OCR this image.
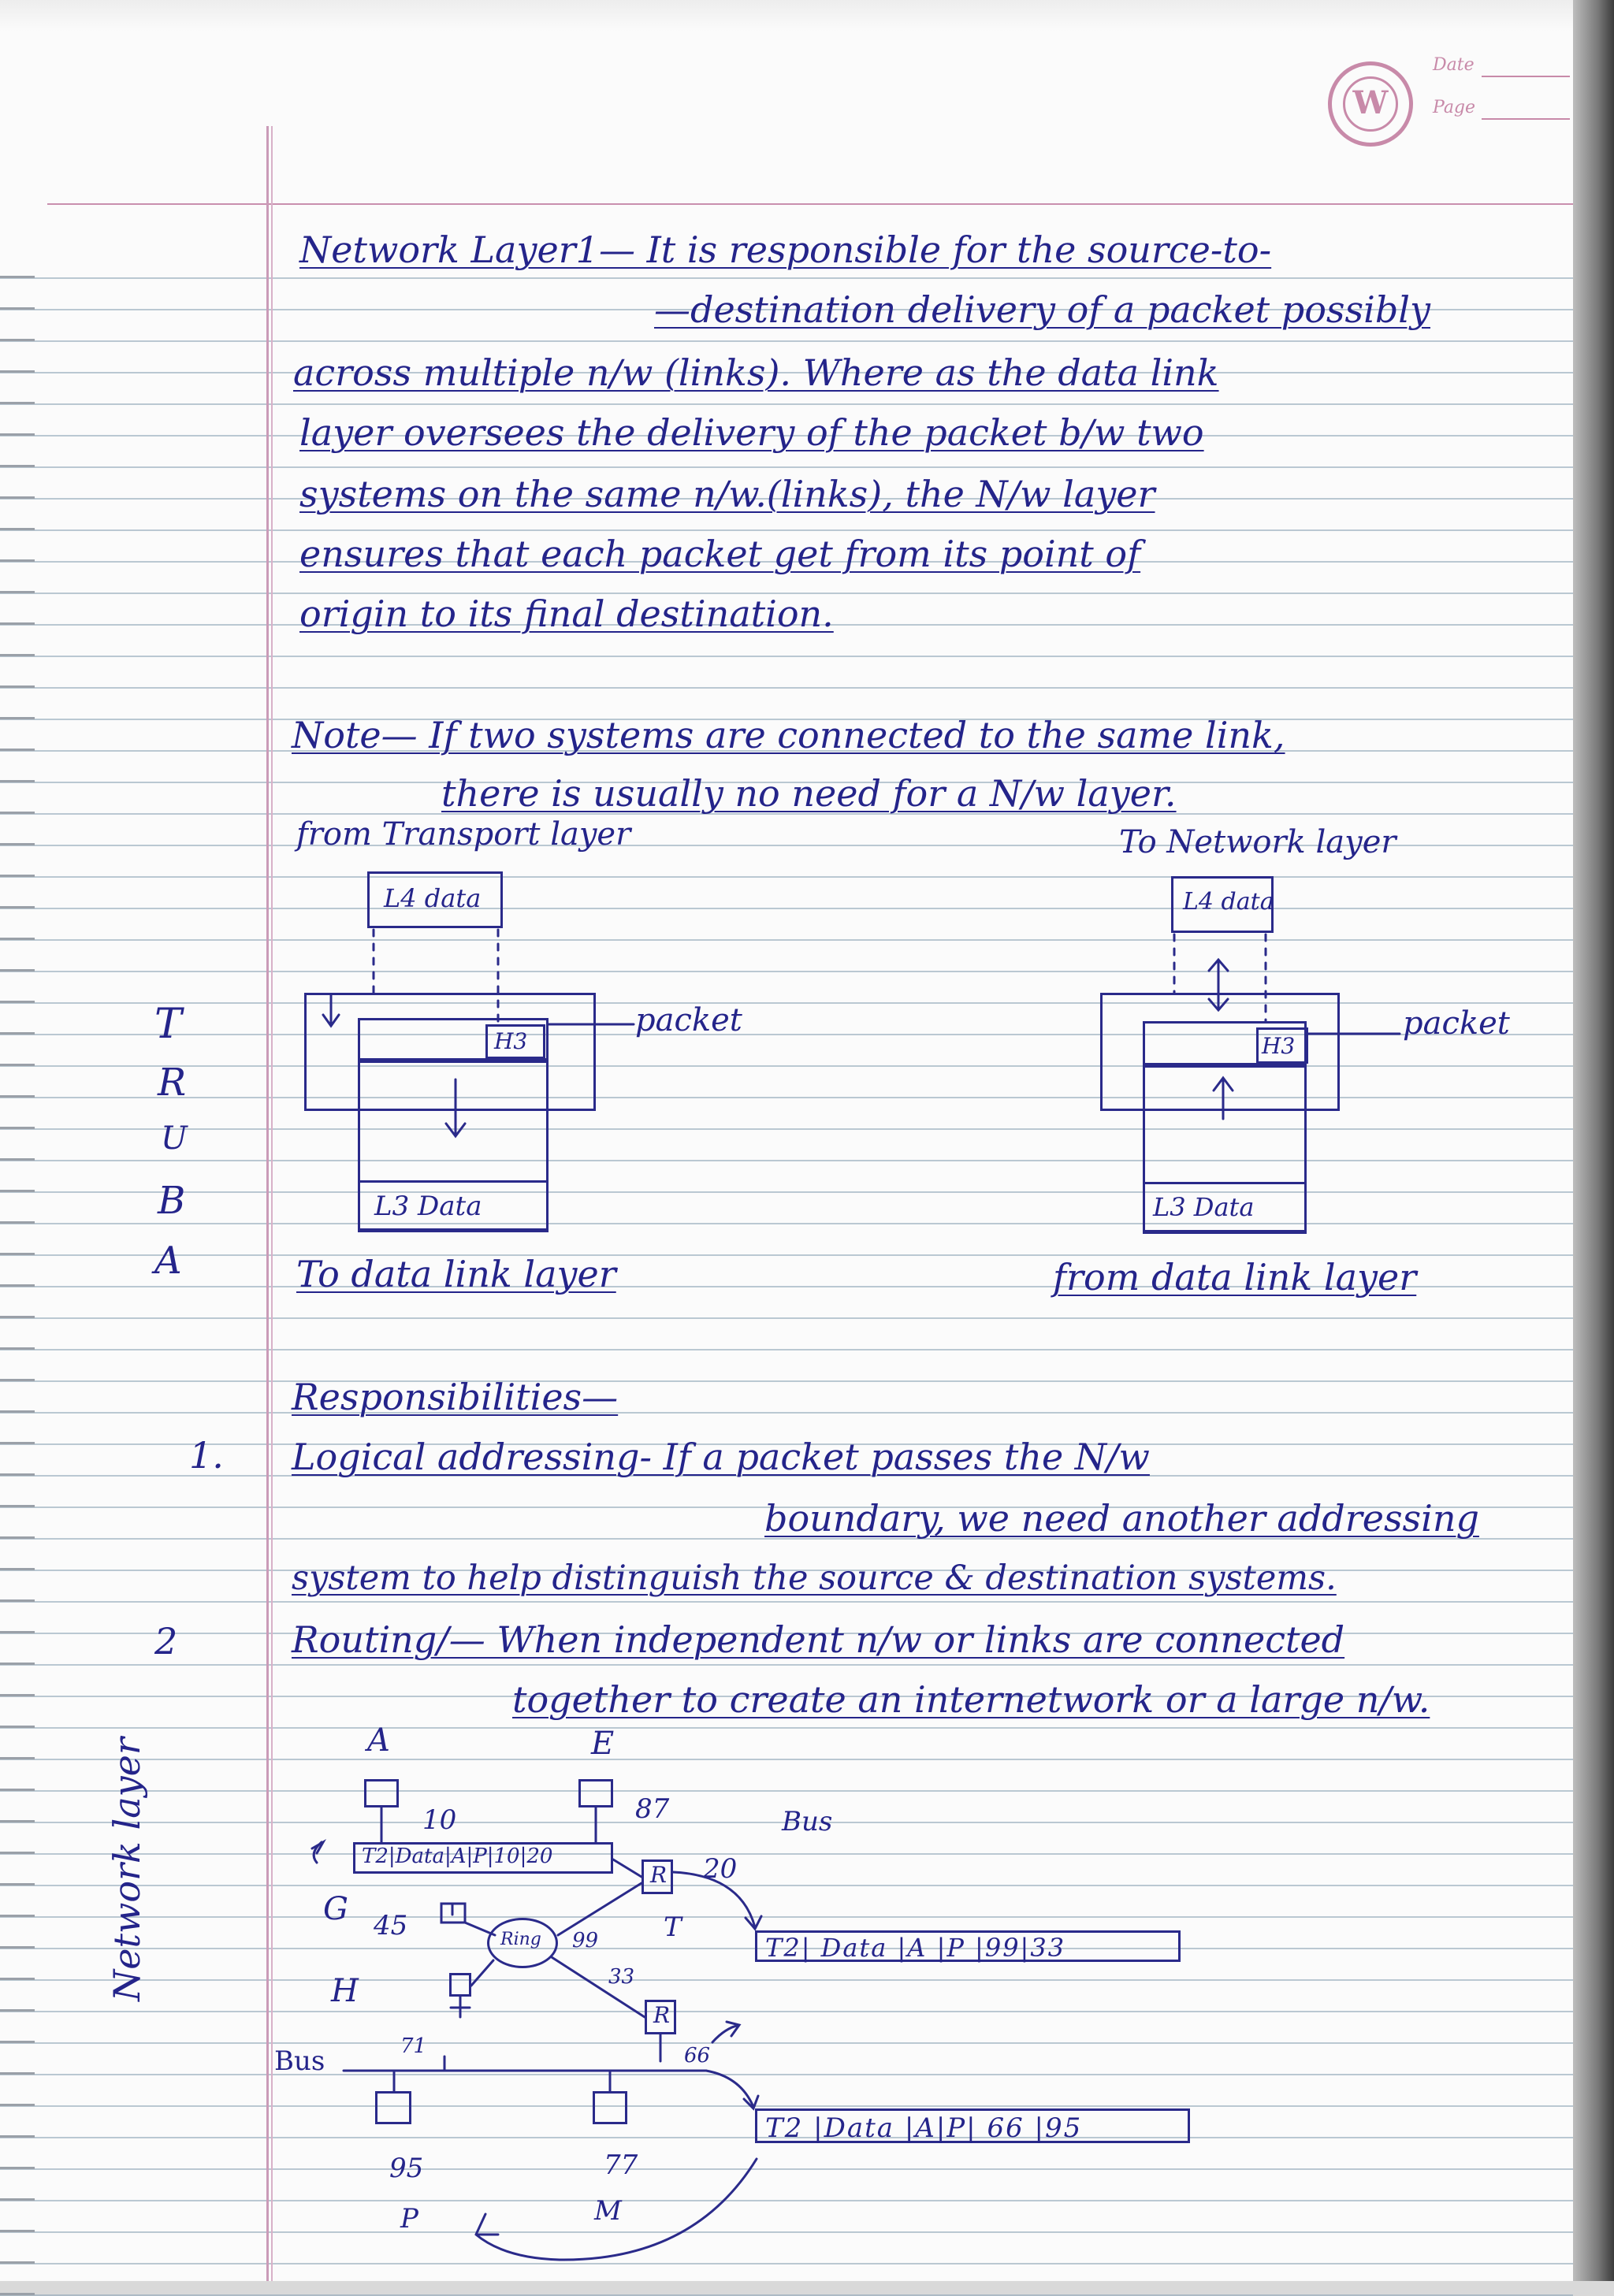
W
Date
Page
Network Layer1— It is responsible for the source-to-
—destination delivery of a packet possibly
across multiple n/w (links). Where as the data link
layer oversees the delivery of the packet b/w two
systems on the same n/w.(links), the N/w layer
ensures that each packet get from its point of
origin to its final destination.
Note— If two systems are connected to the same link,
there is usually no need for a N/w layer.
from Transport layer	To Network layer
L4 data
H3
packet
L3 Data
L4 data
H3
packet
L3 Data
T
R
U
B
A	To data link layer	from data link layer
Responsibilities—
1. Logical addressing- If a packet passes the N/w
boundary, we need another addressing
system to help distinguish the source & destination systems.
2	Routing/— When independent n/w or links are connected
together to create an internetwork or a large n/w.
Network layer	A	E
10	87	Bus
T2|Data|A|P|10|20
R 20
G 45	Ring 99 T
T2| Data |A |P |99|33
33
H
R
Bus	71	66
T2 |Data |A|P| 66 |95
95	77
P	M
